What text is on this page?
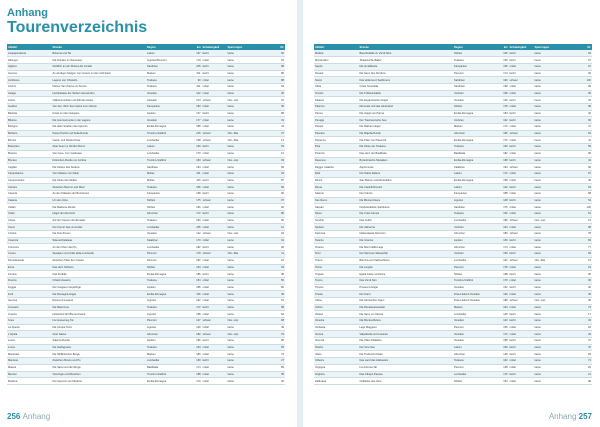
Anhang
Tourenverzeichnis
Abfahrt	Strecke	Region	km	Schwierigkeit	Sperrungen	Nr.
Acquapendente	Bolsena und Tal	Latium	167	leicht	keine	62
Albenga	Die Runden im Savonese	Ligurien/Piemont	179	mittel	keine	53
Alghero	Nördlich an der Riviera del Corallo	Sardinien	205	leicht	keine	98
Ancona	Zu windigen Steigen von Conero zu den Colli Esini	Marken	211	leicht	keine	86
Arcidosso	Lagune von Orbetello	Toskana	93	mittel	keine	88
Arezzo	Kleiner Val Chiana um Arezzo	Toskana	211	mittel	keine	93
Asiago	Hochplateau der Sieben Gemeinden	Venetien	142	mittel	keine	30
Aosta	Vollkommenheit und Still des Aosta	Aostatal	213	schwer	Nov.–Apr.	01
Avellino	Von den Ufern des Calore zum Cilento	Kampanien	183	mittel	keine	95
Barletta	Küste um den Gargano	Apulien	147	leicht	keine	98
Bibione	Die Gourmetrunde in der Lagune	Venetien	177	mittel	keine	31
Bologna	Die alten Straßen des Apennin	Emilia-Romagna	188	mittel	keine	43
Bolzano	Passo Pordoi und Sella-Runde	Trentino-Südtirol	215	schwer	Okt.–Mai	07
Bormio	Gavia- und Stelvio-Pass	Lombardei	198	schwer	Okt.–Mai	14
Bracciano	Zwei Seen im Norden Roms	Latium	190	leicht	keine	63
Brescia	Vom Iseo- zum Gardasee	Lombardei	170	mittel	keine	13
Brunico	Dolomiten-Runde um Cortina	Trentino-Südtirol	184	schwer	Nov.–Apr.	03
Cagliari	Die Küsten des Südens	Sardinien	194	mittel	keine	99
Campobasso	Vom Matese zum Meer	Molise	161	mittel	keine	94
Campomarino	Die Küste des Molise	Molise	115	leicht	keine	87
Carrara	Zwischen Marmor und Meer	Toskana	156	mittel	keine	50
Caserta	Zu den Palästen der Bourbonen	Kampanien	168	leicht	keine	96
Catania	Um den Ätna	Sizilien	175	schwer	keine	97
Cefalù	Die Madonie-Runde	Sizilien	196	mittel	keine	92
Chieti	Hügel der Abruzzen	Abruzzen	172	leicht	keine	80
Chiusi	Auf den Spuren der Etrusker	Toskana	150	mittel	keine	60
Como	Der Comer See umrundet	Lombardei	165	mittel	keine	12
Cortina	Die Drei Zinnen	Venetien	142	schwer	Nov.–Apr.	04
Cosenza	Sila-Hochplateau	Kalabrien	170	mittel	keine	91
Cremona	An den Ufern des Po	Lombardei	182	leicht	keine	28
Cuneo	Seealpen und Colle della Lombarda	Piemont	178	schwer	Okt.–Mai	11
Domodossola	Zwischen Täler des Ossola	Piemont	152	mittel	keine	10
Enna	Das Herz Siziliens	Sizilien	164	mittel	keine	93
Ferrara	Das Podelta	Emilia-Romagna	186	leicht	keine	38
Firenze	Chianti classico	Toskana	154	mittel	keine	56
Foggia	Der Gargano-Vorgebirge	Apulien	188	mittel	keine	82
Forlì	Die Romagna-Hügel	Emilia-Romagna	166	mittel	keine	45
Genova	Riviera di Levante	Ligurien	162	mittel	keine	51
Grosseto	Die Maremma	Toskana	172	leicht	keine	58
Imperia	Hinterland der Blumenriviera	Ligurien	158	mittel	keine	52
Ivrea	Ins Gressoney-Tal	Piemont	147	schwer	Nov.–Apr.	08
La Spezia	Die Cinque Terre	Ligurien	140	mittel	keine	49
L'Aquila	Gran Sasso	Abruzzen	182	schwer	Nov.–Apr.	79
Lecce	Salento-Runde	Apulien	196	leicht	keine	85
Lucca	Die Garfagnana	Toskana	164	mittel	keine	55
Macerata	Die Sibillinischen Berge	Marken	180	mittel	keine	74
Mantova	Zwischen Mincio und Po	Lombardei	160	leicht	keine	27
Matera	Die Sassi und die Murge	Basilikata	174	mittel	keine	89
Merano	Vinschgau und Reschen	Trentino-Südtirol	188	mittel	keine	05
Modena	Der Apennin von Modena	Emilia-Romagna	170	mittel	keine	40
256 Anhang
Abfahrt	Strecke	Region	km	Schwierigkeit	Sperrungen	Nr.
Modica	Barockstädte im Val di Noto	Sizilien	166	leicht	keine	94
Montecatini	Toskanische Bäder	Toskana	150	leicht	keine	57
Napoli	Die Amalfiküste	Kampanien	156	mittel	keine	97
Novara	Die Seen des Nordens	Piemont	174	leicht	keine	09
Nuoro	Das wilde Herz Sardiniens	Sardinien	190	schwer	keine	100
Olbia	Costa Smeralda	Sardinien	168	mittel	keine	99
Orvieto	Die Tuffsteinstädte	Umbrien	158	mittel	keine	65
Padova	Die Euganeischen Hügel	Venetien	146	leicht	keine	33
Palermo	Monreale und das Hinterland	Sizilien	178	mittel	keine	95
Parma	Die Hügel von Parma	Emilia-Romagna	184	leicht	keine	42
Perugia	Der Trasimenische See	Umbrien	162	leicht	keine	66
Pesaro	Die Marken-Hügel	Marken	170	mittel	keine	72
Pescara	Die Majella-Runde	Abruzzen	186	schwer	keine	81
Piacenza	Die Täler von Piacenza	Emilia-Romagna	176	mittel	keine	41
Pisa	Die Küste der Toskana	Toskana	160	leicht	keine	59
Potenza	Das Herz der Basilikata	Basilikata	182	mittel	keine	90
Ravenna	Byzantinische Mosaiken	Emilia-Romagna	168	leicht	keine	44
Reggio Calabria	Aspromonte	Kalabrien	194	schwer	keine	92
Rieti	Der Nabel Italiens	Latium	172	mittel	keine	67
Rimini	San Marino und Montefeltro	Emilia-Romagna	158	mittel	keine	46
Roma	Die Castelli Romani	Latium	142	leicht	keine	64
Salerno	Der Cilento	Kampanien	188	mittel	keine	98
San Remo	Die Blumenriviera	Ligurien	148	leicht	keine	54
Sassari	Nordwestküste Sardiniens	Sardinien	176	mittel	keine	100
Siena	Die Crete Senesi	Toskana	152	mittel	keine	61
Sondrio	Das Veltlin	Lombardei	186	schwer	Nov.–Apr.	15
Spoleto	Die Valnerina	Umbrien	164	mittel	keine	68
Sulmona	Nationalpark Abruzzen	Abruzzen	180	schwer	keine	78
Taranto	Die Gravine	Apulien	166	leicht	keine	84
Teramo	Die Monti della Laga	Abruzzen	174	mittel	keine	77
Terni	Der Marmore-Wasserfall	Umbrien	150	leicht	keine	69
Tirano	Bernina und Valposchiavo	Lombardei	162	schwer	Okt.–Mai	16
Torino	Die Langhe	Piemont	178	mittel	keine	19
Trapani	Egadi-Küste und Erice	Sizilien	158	leicht	keine	96
Trento	Das Val di Non	Trentino-Südtirol	170	mittel	keine	06
Treviso	Prosecco-Hügel	Venetien	152	leicht	keine	32
Trieste	Der Karst	Friaul-Julisch Venetien	160	mittel	keine	35
Udine	Die Karnischen Alpen	Friaul-Julisch Venetien	188	schwer	Nov.–Apr.	36
Urbino	Die Renaissancestadt	Marken	164	mittel	keine	73
Varese	Die Seen um Varese	Lombardei	148	leicht	keine	17
Venezia	Die Brenta-Riviera	Venetien	140	leicht	keine	34
Verbania	Lago Maggiore	Piemont	156	mittel	keine	18
Verona	Valpolicella und Lessinia	Venetien	172	mittel	keine	29
Vicenza	Die Villen Palladios	Venetien	158	leicht	keine	37
Viterbo	Der Vico-See	Latium	150	leicht	keine	70
Vasto	Die Trabocchi-Küste	Abruzzen	146	leicht	keine	83
Volterra	Das Land des Alabasters	Toskana	162	mittel	keine	71
Vogogna	Ins Antrona-Tal	Piemont	138	mittel	keine	20
Voghera	Das Oltrepò Pavese	Lombardei	176	leicht	keine	21
Zafferana	Ostflanke des Ätna	Sizilien	154	mittel	keine	98
Anhang 257
